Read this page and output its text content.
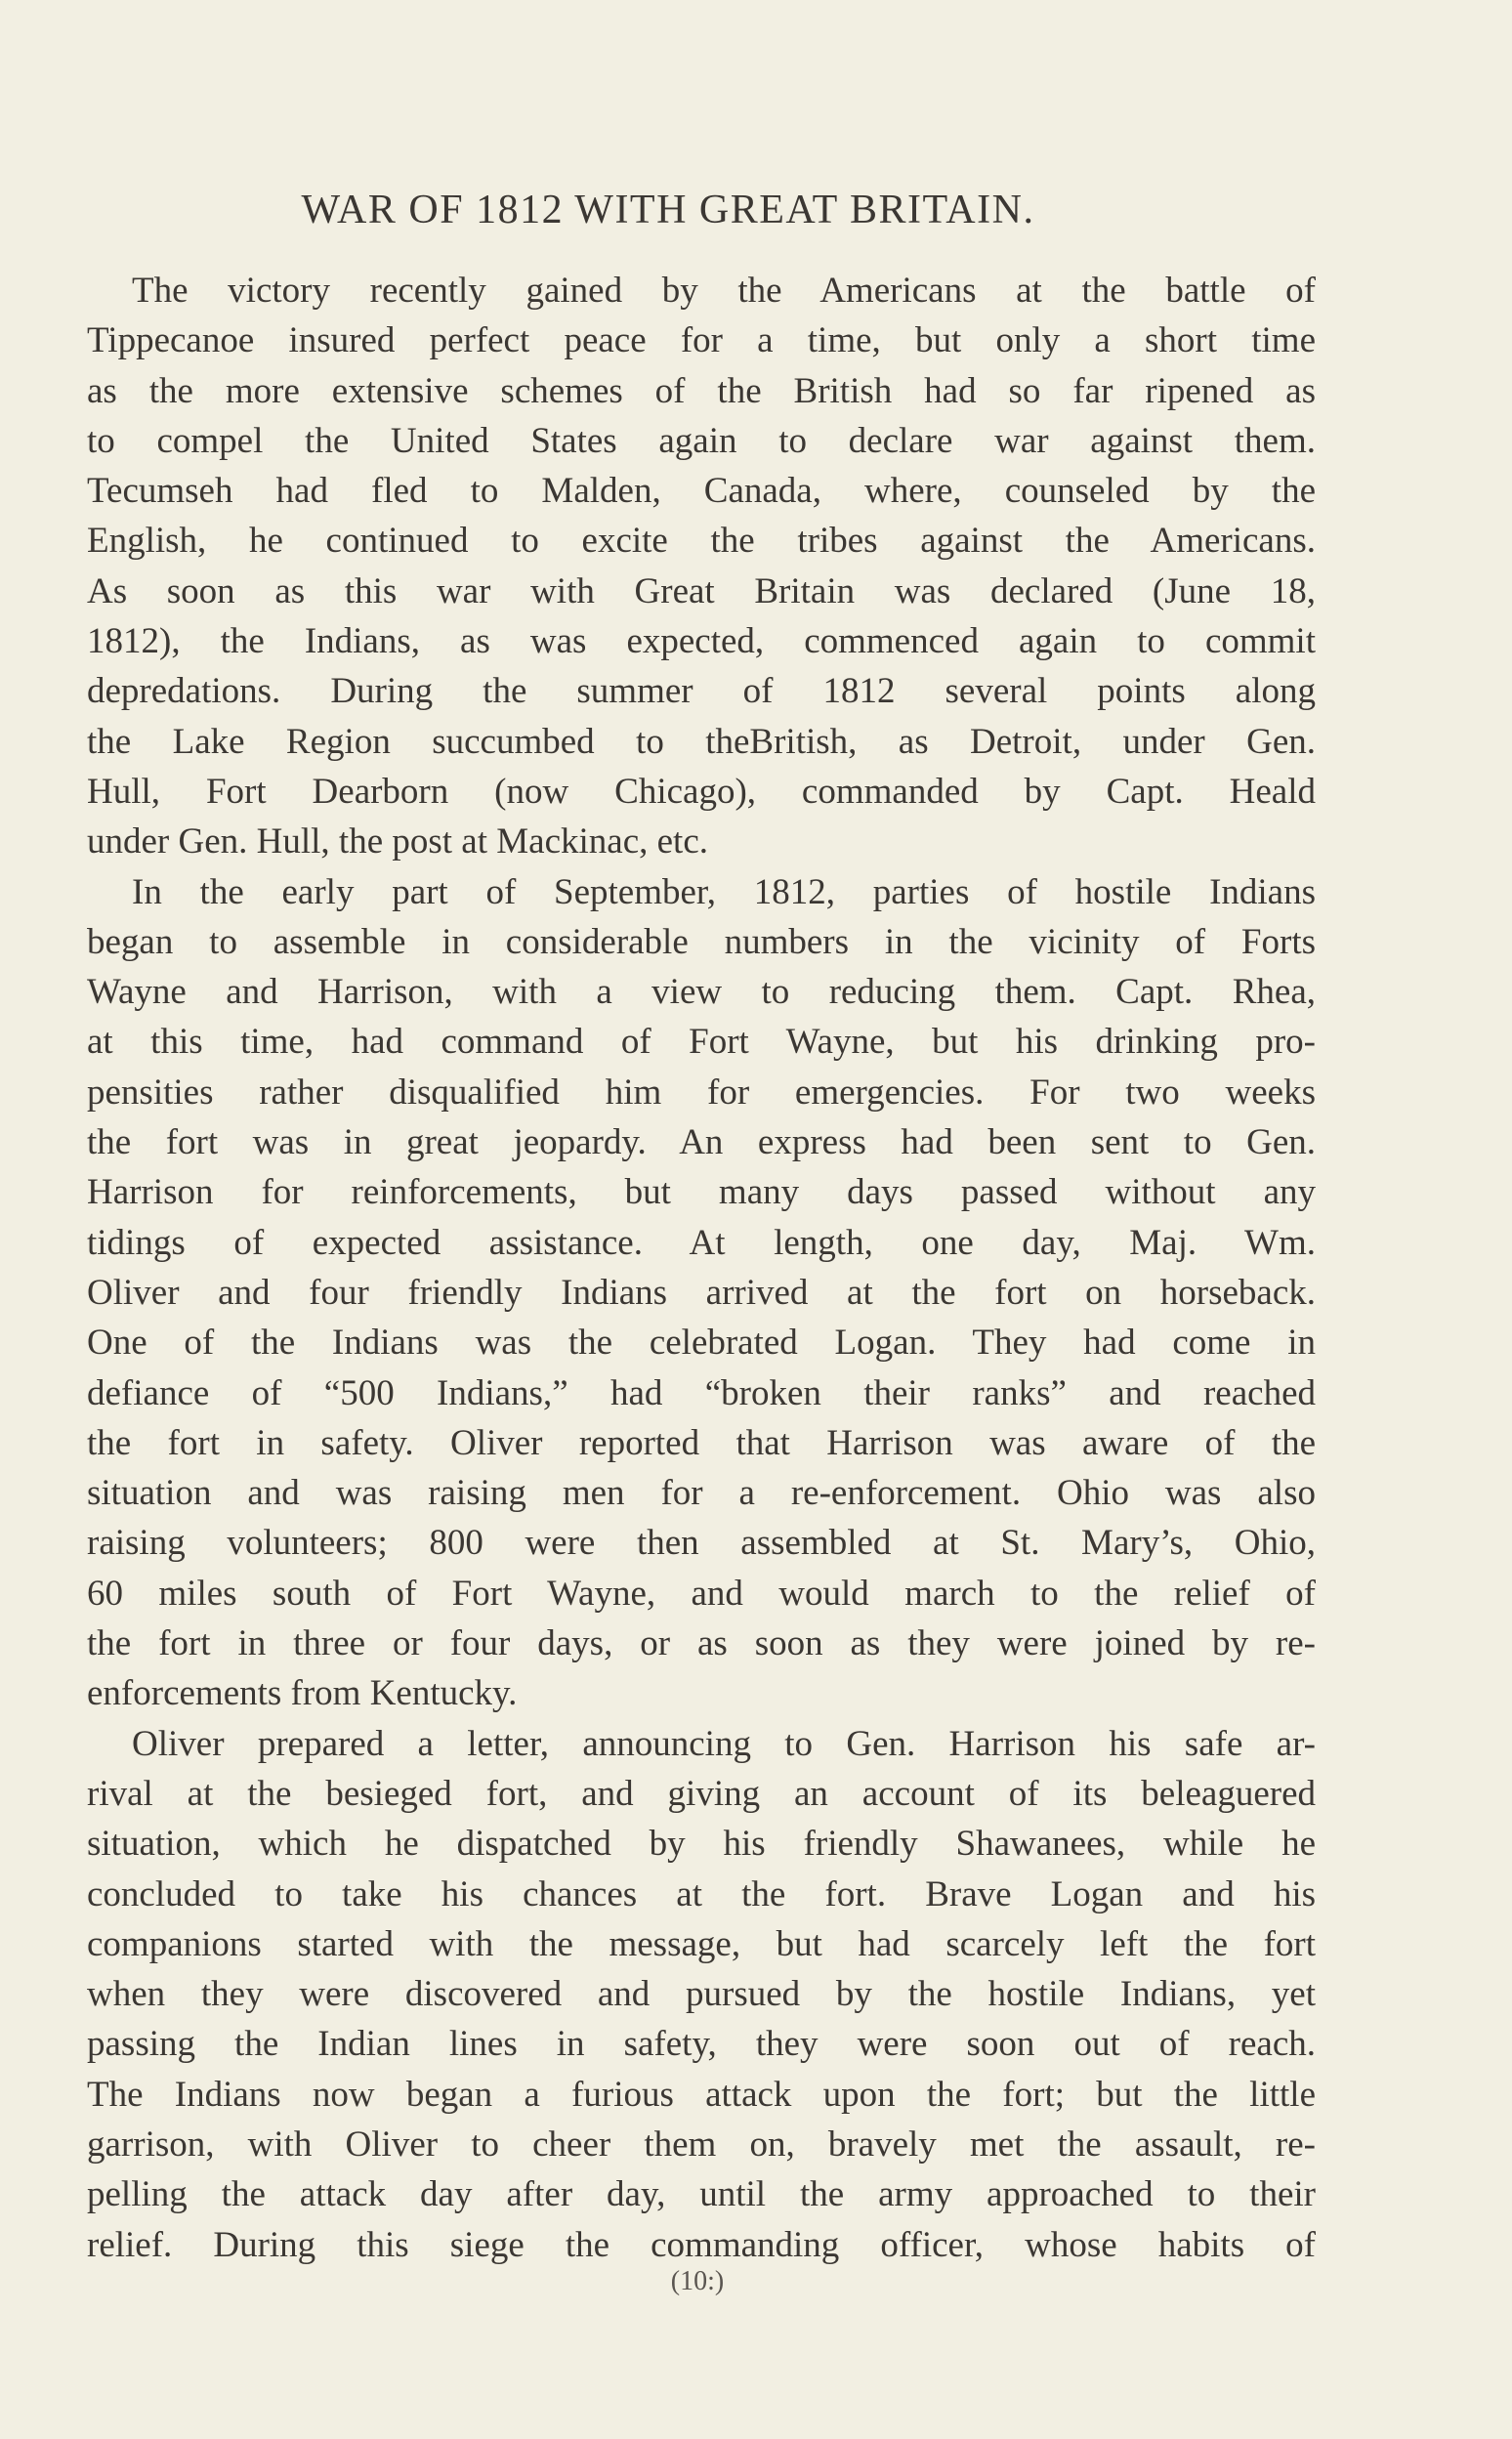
WAR OF 1812 WITH GREAT BRITAIN.
The victory recently gained by the Americans at the battle of
Tippecanoe insured perfect peace for a time, but only a short time
as the more extensive schemes of the British had so far ripened as
to compel the United States again to declare war against them.
Tecumseh had fled to Malden, Canada, where, counseled by the
English, he continued to excite the tribes against the Americans.
As soon as this war with Great Britain was declared (June 18,
1812), the Indians, as was expected, commenced again to commit
depredations. During the summer of 1812 several points along
the Lake Region succumbed to theBritish, as Detroit, under Gen.
Hull, Fort Dearborn (now Chicago), commanded by Capt. Heald
under Gen. Hull, the post at Mackinac, etc.
In the early part of September, 1812, parties of hostile Indians
began to assemble in considerable numbers in the vicinity of Forts
Wayne and Harrison, with a view to reducing them. Capt. Rhea,
at this time, had command of Fort Wayne, but his drinking pro-
pensities rather disqualified him for emergencies. For two weeks
the fort was in great jeopardy. An express had been sent to Gen.
Harrison for reinforcements, but many days passed without any
tidings of expected assistance. At length, one day, Maj. Wm.
Oliver and four friendly Indians arrived at the fort on horseback.
One of the Indians was the celebrated Logan. They had come in
defiance of “500 Indians,” had “broken their ranks” and reached
the fort in safety. Oliver reported that Harrison was aware of the
situation and was raising men for a re-enforcement. Ohio was also
raising volunteers; 800 were then assembled at St. Mary’s, Ohio,
60 miles south of Fort Wayne, and would march to the relief of
the fort in three or four days, or as soon as they were joined by re-
enforcements from Kentucky.
Oliver prepared a letter, announcing to Gen. Harrison his safe ar-
rival at the besieged fort, and giving an account of its beleaguered
situation, which he dispatched by his friendly Shawanees, while he
concluded to take his chances at the fort. Brave Logan and his
companions started with the message, but had scarcely left the fort
when they were discovered and pursued by the hostile Indians, yet
passing the Indian lines in safety, they were soon out of reach.
The Indians now began a furious attack upon the fort; but the little
garrison, with Oliver to cheer them on, bravely met the assault, re-
pelling the attack day after day, until the army approached to their
relief. During this siege the commanding officer, whose habits of
(10:)
